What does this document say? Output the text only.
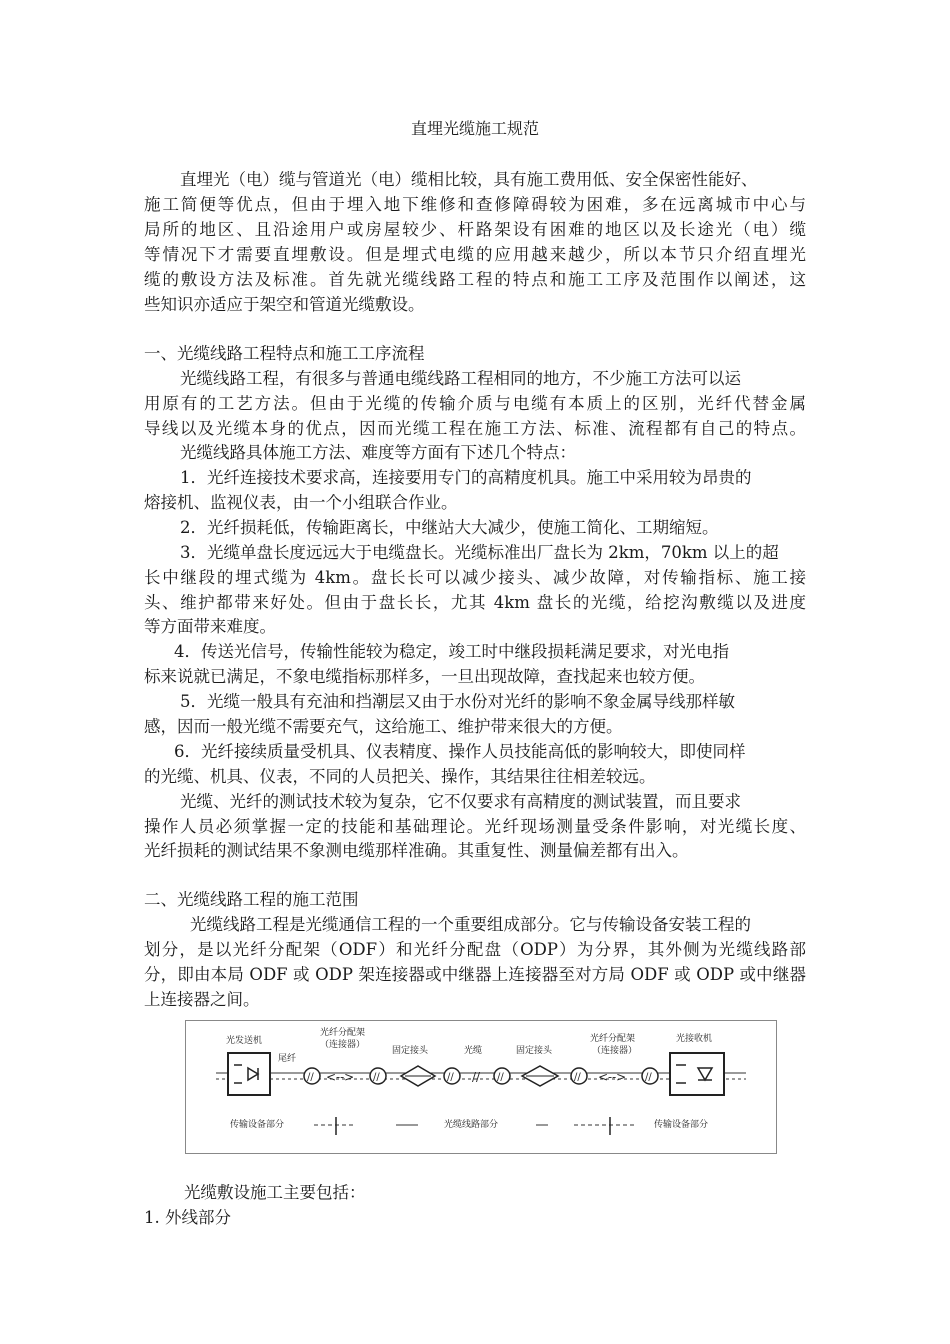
直埋光缆施工规范
直埋光（电）缆与管道光（电）缆相比较，具有施工费用低、安全保密性能好、
施工简便等优点，但由于埋入地下维修和查修障碍较为困难，多在远离城市中心与
局所的地区、且沿途用户或房屋较少、杆路架设有困难的地区以及长途光（电）缆
等情况下才需要直埋敷设。但是埋式电缆的应用越来越少，所以本节只介绍直埋光
缆的敷设方法及标准。首先就光缆线路工程的特点和施工工序及范围作以阐述，这
些知识亦适应于架空和管道光缆敷设。
一、光缆线路工程特点和施工工序流程
光缆线路工程，有很多与普通电缆线路工程相同的地方，不少施工方法可以运
用原有的工艺方法。但由于光缆的传输介质与电缆有本质上的区别，光纤代替金属
导线以及光缆本身的优点，因而光缆工程在施工方法、标准、流程都有自己的特点。
光缆线路具体施工方法、难度等方面有下述几个特点：
1．光纤连接技术要求高，连接要用专门的高精度机具。施工中采用较为昂贵的
熔接机、监视仪表，由一个小组联合作业。
2．光纤损耗低，传输距离长，中继站大大减少，使施工简化、工期缩短。
3．光缆单盘长度远远大于电缆盘长。光缆标准出厂盘长为 2km，70km 以上的超
长中继段的埋式缆为 4km。盘长长可以减少接头、减少故障，对传输指标、施工接
头、维护都带来好处。但由于盘长长，尤其 4km 盘长的光缆，给挖沟敷缆以及进度
等方面带来难度。
4．传送光信号，传输性能较为稳定，竣工时中继段损耗满足要求，对光电指
标来说就已满足，不象电缆指标那样多，一旦出现故障，查找起来也较方便。
5．光缆一般具有充油和挡潮层又由于水份对光纤的影响不象金属导线那样敏
感，因而一般光缆不需要充气，这给施工、维护带来很大的方便。
6．光纤接续质量受机具、仪表精度、操作人员技能高低的影响较大，即使同样
的光缆、机具、仪表，不同的人员把关、操作，其结果往往相差较远。
光缆、光纤的测试技术较为复杂，它不仅要求有高精度的测试装置，而且要求
操作人员必须掌握一定的技能和基础理论。光纤现场测量受条件影响，对光缆长度、
光纤损耗的测试结果不象测电缆那样准确。其重复性、测量偏差都有出入。
二、光缆线路工程的施工范围
光缆线路工程是光缆通信工程的一个重要组成部分。它与传输设备安装工程的
划分，是以光纤分配架（ODF）和光纤分配盘（ODP）为分界，其外侧为光缆线路部
分，即由本局 ODF 或 ODP 架连接器或中继器上连接器至对方局 ODF 或 ODP 或中继器
上连接器之间。
光发送机
尾纤
//
光纤分配架
（连接器）
<--> //	//
固定接头
//
光缆
//	//
固定接头
<--> //
光纤分配架
（连接器）
光接收机
传输设备部分	光缆线路部分	传输设备部分
光缆敷设施工主要包括：
1. 外线部分
